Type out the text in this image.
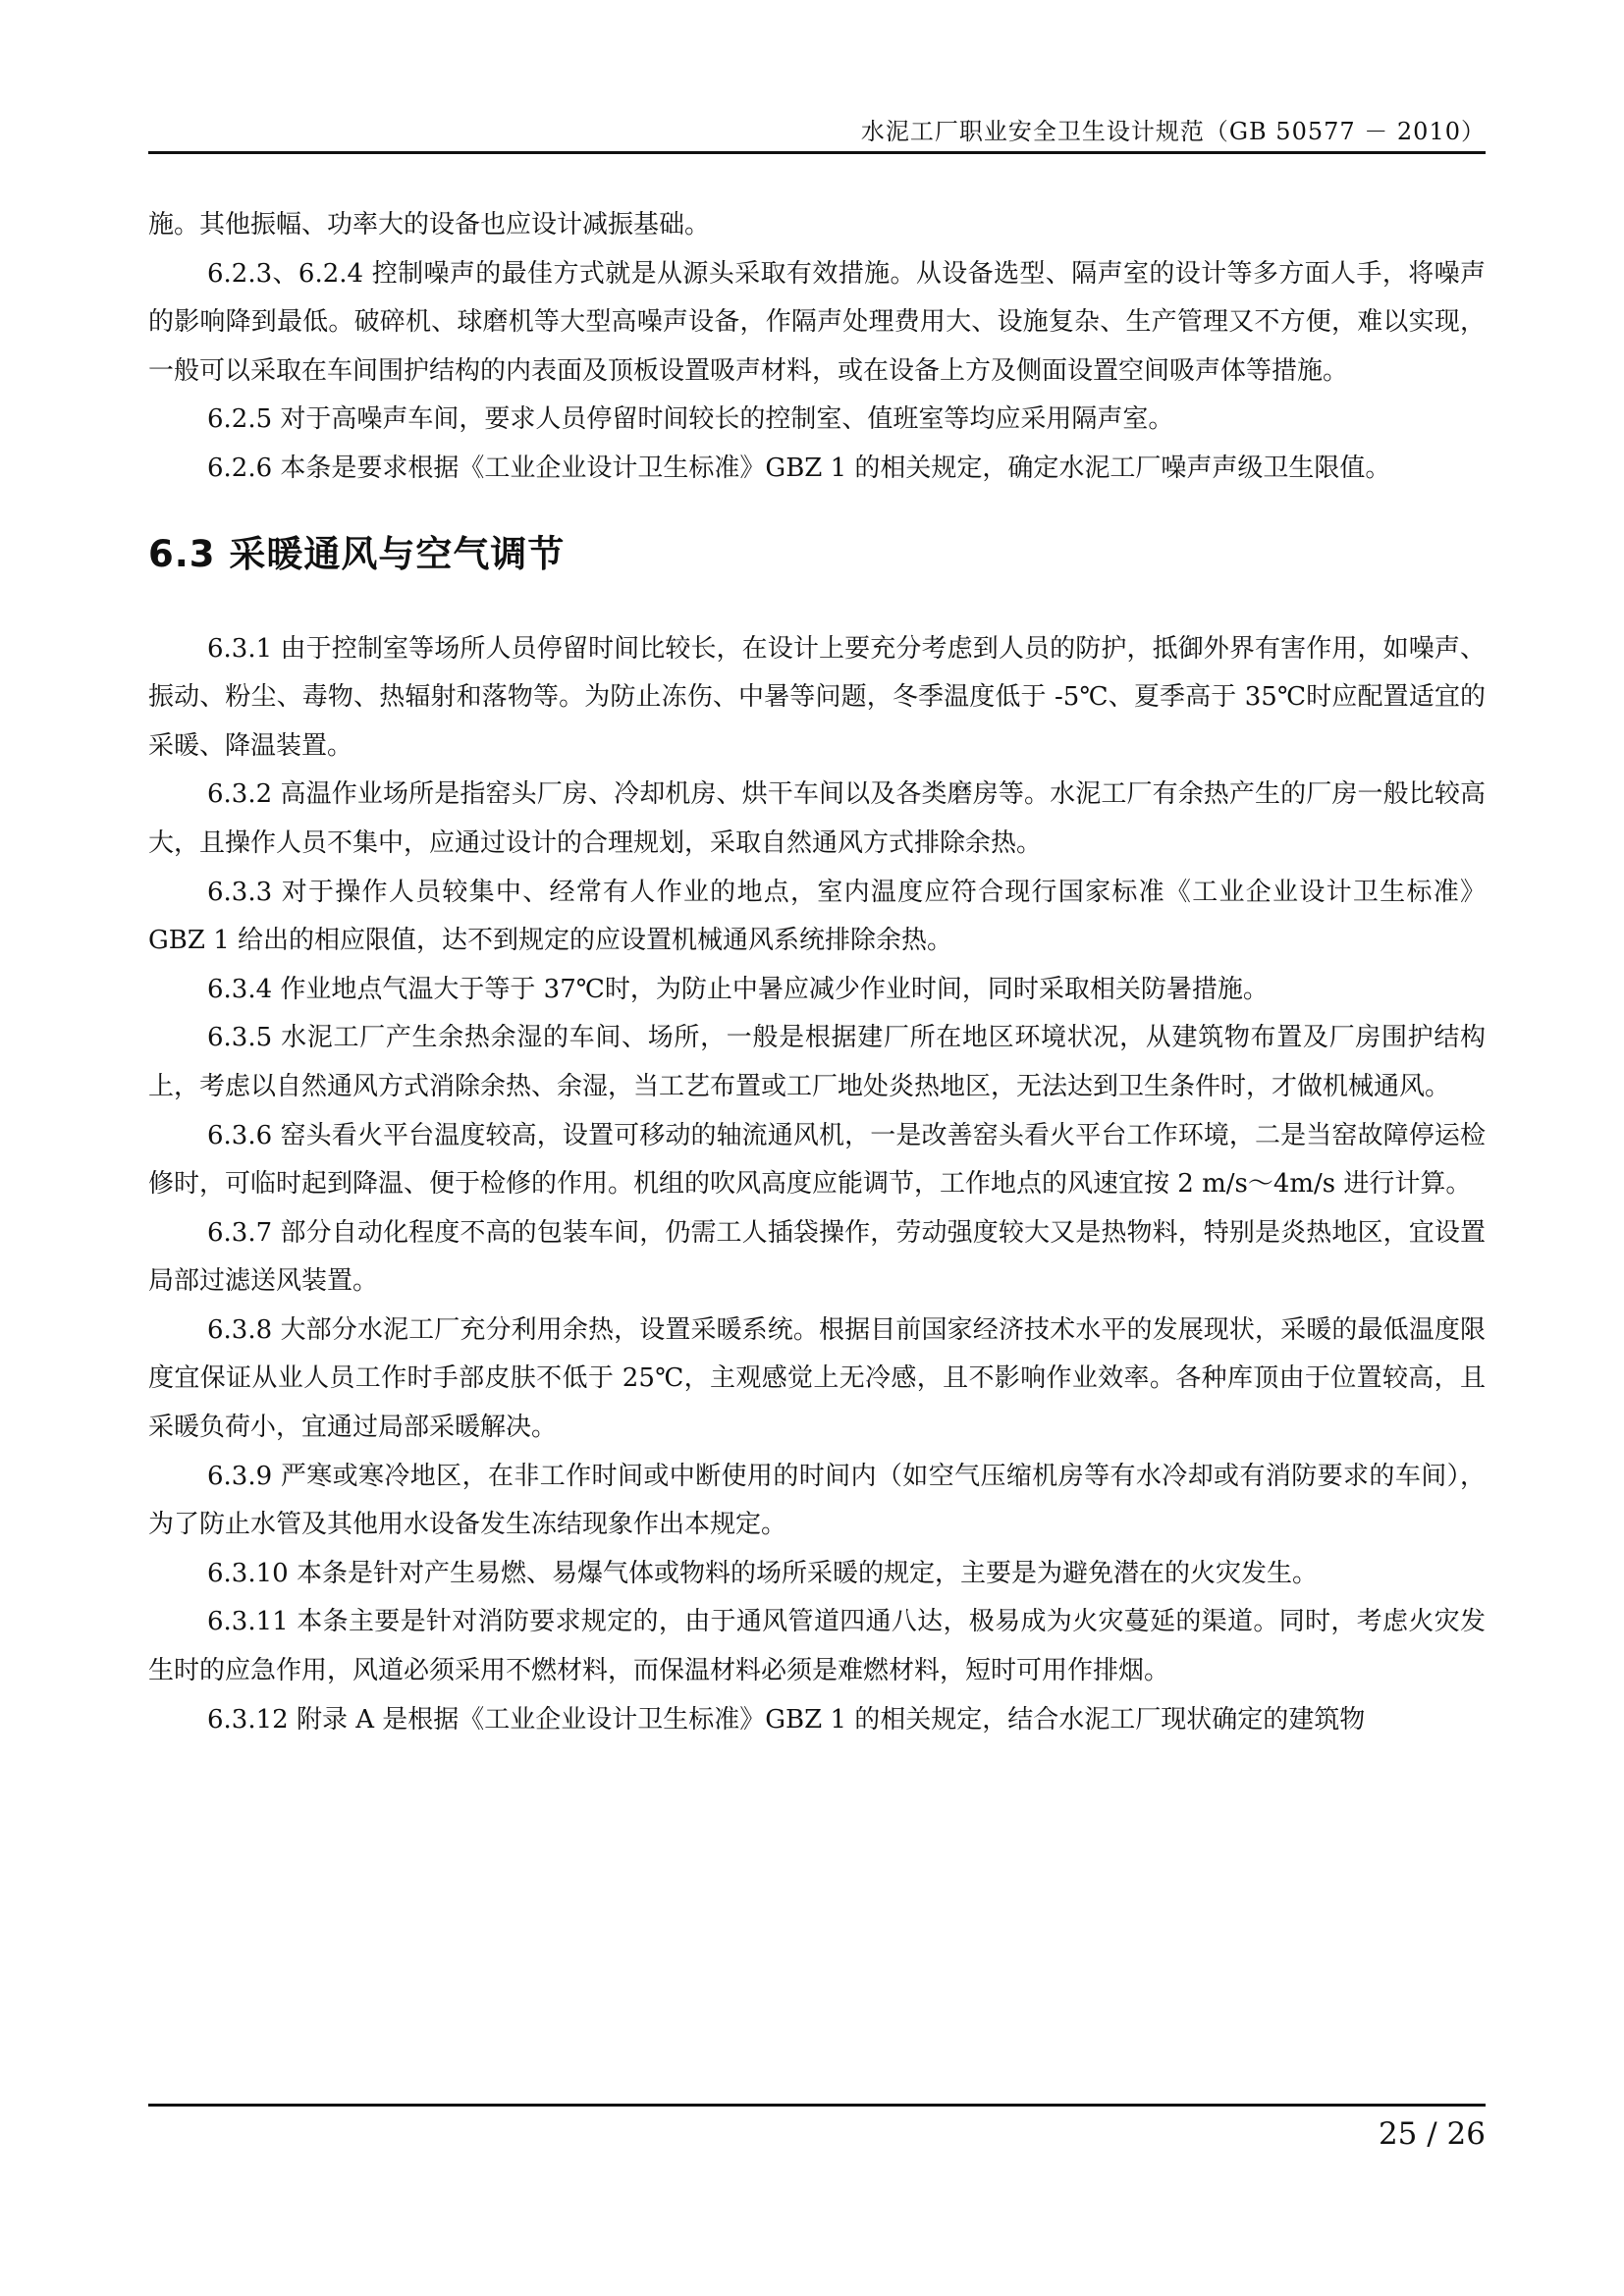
水泥工厂职业安全卫生设计规范（GB 50577 － 2010）

施。其他振幅、功率大的设备也应设计减振基础。

6.2.3、6.2.4 控制噪声的最佳方式就是从源头采取有效措施。从设备选型、隔声室的设计等多方面人手，将噪声的影响降到最低。破碎机、球磨机等大型高噪声设备，作隔声处理费用大、设施复杂、生产管理又不方便，难以实现，一般可以采取在车间围护结构的内表面及顶板设置吸声材料，或在设备上方及侧面设置空间吸声体等措施。

6.2.5 对于高噪声车间，要求人员停留时间较长的控制室、值班室等均应采用隔声室。

6.2.6 本条是要求根据《工业企业设计卫生标准》GBZ 1 的相关规定，确定水泥工厂噪声声级卫生限值。

6.3 采暖通风与空气调节

6.3.1 由于控制室等场所人员停留时间比较长，在设计上要充分考虑到人员的防护，抵御外界有害作用，如噪声、振动、粉尘、毒物、热辐射和落物等。为防止冻伤、中暑等问题，冬季温度低于 -5℃、夏季高于 35℃时应配置适宜的采暖、降温装置。

6.3.2 高温作业场所是指窑头厂房、冷却机房、烘干车间以及各类磨房等。水泥工厂有余热产生的厂房一般比较高大，且操作人员不集中，应通过设计的合理规划，采取自然通风方式排除余热。

6.3.3 对于操作人员较集中、经常有人作业的地点，室内温度应符合现行国家标准《工业企业设计卫生标准》GBZ 1 给出的相应限值，达不到规定的应设置机械通风系统排除余热。

6.3.4 作业地点气温大于等于 37℃时，为防止中暑应减少作业时间，同时采取相关防暑措施。

6.3.5 水泥工厂产生余热余湿的车间、场所，一般是根据建厂所在地区环境状况，从建筑物布置及厂房围护结构上，考虑以自然通风方式消除余热、余湿，当工艺布置或工厂地处炎热地区，无法达到卫生条件时，才做机械通风。

6.3.6 窑头看火平台温度较高，设置可移动的轴流通风机，一是改善窑头看火平台工作环境，二是当窑故障停运检修时，可临时起到降温、便于检修的作用。机组的吹风高度应能调节，工作地点的风速宜按 2 m/s～4m/s 进行计算。

6.3.7 部分自动化程度不高的包装车间，仍需工人插袋操作，劳动强度较大又是热物料，特别是炎热地区，宜设置局部过滤送风装置。

6.3.8 大部分水泥工厂充分利用余热，设置采暖系统。根据目前国家经济技术水平的发展现状，采暖的最低温度限度宜保证从业人员工作时手部皮肤不低于 25℃，主观感觉上无冷感，且不影响作业效率。各种库顶由于位置较高，且采暖负荷小，宜通过局部采暖解决。

6.3.9 严寒或寒冷地区，在非工作时间或中断使用的时间内（如空气压缩机房等有水冷却或有消防要求的车间），为了防止水管及其他用水设备发生冻结现象作出本规定。

6.3.10 本条是针对产生易燃、易爆气体或物料的场所采暖的规定，主要是为避免潜在的火灾发生。

6.3.11 本条主要是针对消防要求规定的，由于通风管道四通八达，极易成为火灾蔓延的渠道。同时，考虑火灾发生时的应急作用，风道必须采用不燃材料，而保温材料必须是难燃材料，短时可用作排烟。

6.3.12 附录 A 是根据《工业企业设计卫生标准》GBZ 1 的相关规定，结合水泥工厂现状确定的建筑物

25 / 26
